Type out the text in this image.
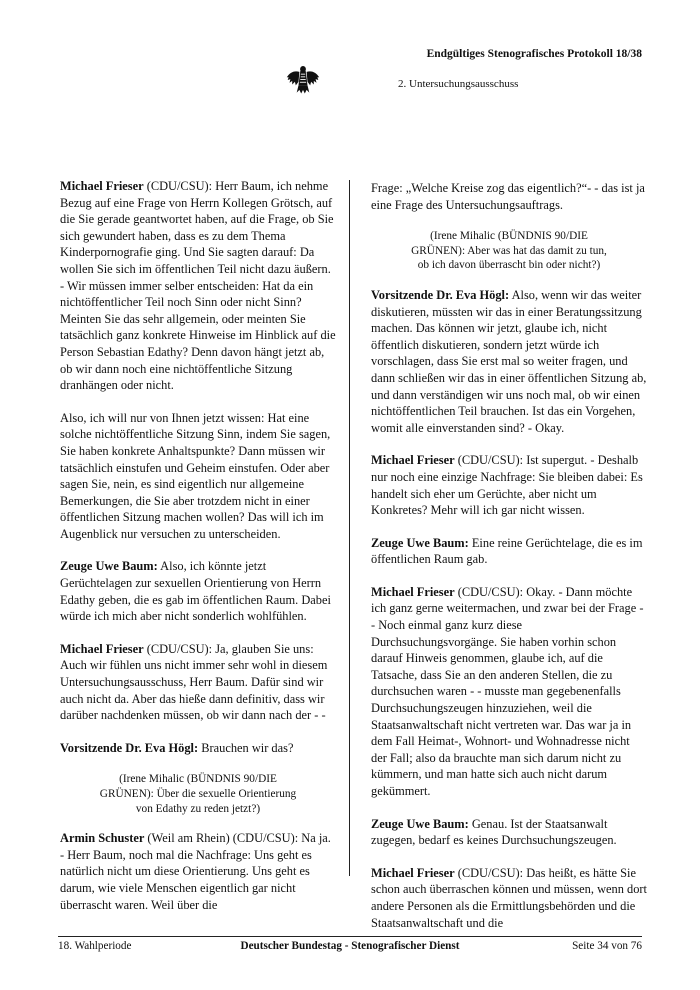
Endgültiges Stenografisches Protokoll 18/38
2. Untersuchungsausschuss

Michael Frieser (CDU/CSU): Herr Baum, ich nehme Bezug auf eine Frage von Herrn Kollegen Grötsch, auf die Sie gerade geantwortet haben, auf die Frage, ob Sie sich gewundert haben, dass es zu dem Thema Kinderpornografie ging. Und Sie sagten darauf: Da wollen Sie sich im öffentlichen Teil nicht dazu äußern. - Wir müssen immer selber entscheiden: Hat da ein nichtöffentlicher Teil noch Sinn oder nicht Sinn? Meinten Sie das sehr allgemein, oder meinten Sie tatsächlich ganz konkrete Hinweise im Hinblick auf die Person Sebastian Edathy? Denn davon hängt jetzt ab, ob wir dann noch eine nichtöffentliche Sitzung dranhängen oder nicht.

Also, ich will nur von Ihnen jetzt wissen: Hat eine solche nichtöffentliche Sitzung Sinn, indem Sie sagen, Sie haben konkrete Anhaltspunkte? Dann müssen wir tatsächlich einstufen und Geheim einstufen. Oder aber sagen Sie, nein, es sind eigentlich nur allgemeine Bemerkungen, die Sie aber trotzdem nicht in einer öffentlichen Sitzung machen wollen? Das will ich im Augenblick nur versuchen zu unterscheiden.

Zeuge Uwe Baum: Also, ich könnte jetzt Gerüchtelagen zur sexuellen Orientierung von Herrn Edathy geben, die es gab im öffentlichen Raum. Dabei würde ich mich aber nicht sonderlich wohlfühlen.

Michael Frieser (CDU/CSU): Ja, glauben Sie uns: Auch wir fühlen uns nicht immer sehr wohl in diesem Untersuchungsausschuss, Herr Baum. Dafür sind wir auch nicht da. Aber das hieße dann definitiv, dass wir darüber nachdenken müssen, ob wir dann nach der - -

Vorsitzende Dr. Eva Högl: Brauchen wir das?

(Irene Mihalic (BÜNDNIS 90/DIE GRÜNEN): Über die sexuelle Orientierung von Edathy zu reden jetzt?)

Armin Schuster (Weil am Rhein) (CDU/CSU): Na ja. - Herr Baum, noch mal die Nachfrage: Uns geht es natürlich nicht um diese Orientierung. Uns geht es darum, wie viele Menschen eigentlich gar nicht überrascht waren. Weil über die

Frage: „Welche Kreise zog das eigentlich?“- - das ist ja eine Frage des Untersuchungsauftrags.

(Irene Mihalic (BÜNDNIS 90/DIE GRÜNEN): Aber was hat das damit zu tun, ob ich davon überrascht bin oder nicht?)

Vorsitzende Dr. Eva Högl: Also, wenn wir das weiter diskutieren, müssten wir das in einer Beratungssitzung machen. Das können wir jetzt, glaube ich, nicht öffentlich diskutieren, sondern jetzt würde ich vorschlagen, dass Sie erst mal so weiter fragen, und dann schließen wir das in einer öffentlichen Sitzung ab, und dann verständigen wir uns noch mal, ob wir einen nichtöffentlichen Teil brauchen. Ist das ein Vorgehen, womit alle einverstanden sind? - Okay.

Michael Frieser (CDU/CSU): Ist supergut. - Deshalb nur noch eine einzige Nachfrage: Sie bleiben dabei: Es handelt sich eher um Gerüchte, aber nicht um Konkretes? Mehr will ich gar nicht wissen.

Zeuge Uwe Baum: Eine reine Gerüchtelage, die es im öffentlichen Raum gab.

Michael Frieser (CDU/CSU): Okay. - Dann möchte ich ganz gerne weitermachen, und zwar bei der Frage - - Noch einmal ganz kurz diese Durchsuchungsvorgänge. Sie haben vorhin schon darauf Hinweis genommen, glaube ich, auf die Tatsache, dass Sie an den anderen Stellen, die zu durchsuchen waren - - musste man gegebenenfalls Durchsuchungszeugen hinzuziehen, weil die Staatsanwaltschaft nicht vertreten war. Das war ja in dem Fall Heimat-, Wohnort- und Wohnadresse nicht der Fall; also da brauchte man sich darum nicht zu kümmern, und man hatte sich auch nicht darum gekümmert.

Zeuge Uwe Baum: Genau. Ist der Staatsanwalt zugegen, bedarf es keines Durchsuchungszeugen.

Michael Frieser (CDU/CSU): Das heißt, es hätte Sie schon auch überraschen können und müssen, wenn dort andere Personen als die Ermittlungsbehörden und die Staatsanwaltschaft und die

18. Wahlperiode	Deutscher Bundestag - Stenografischer Dienst	Seite 34 von 76
